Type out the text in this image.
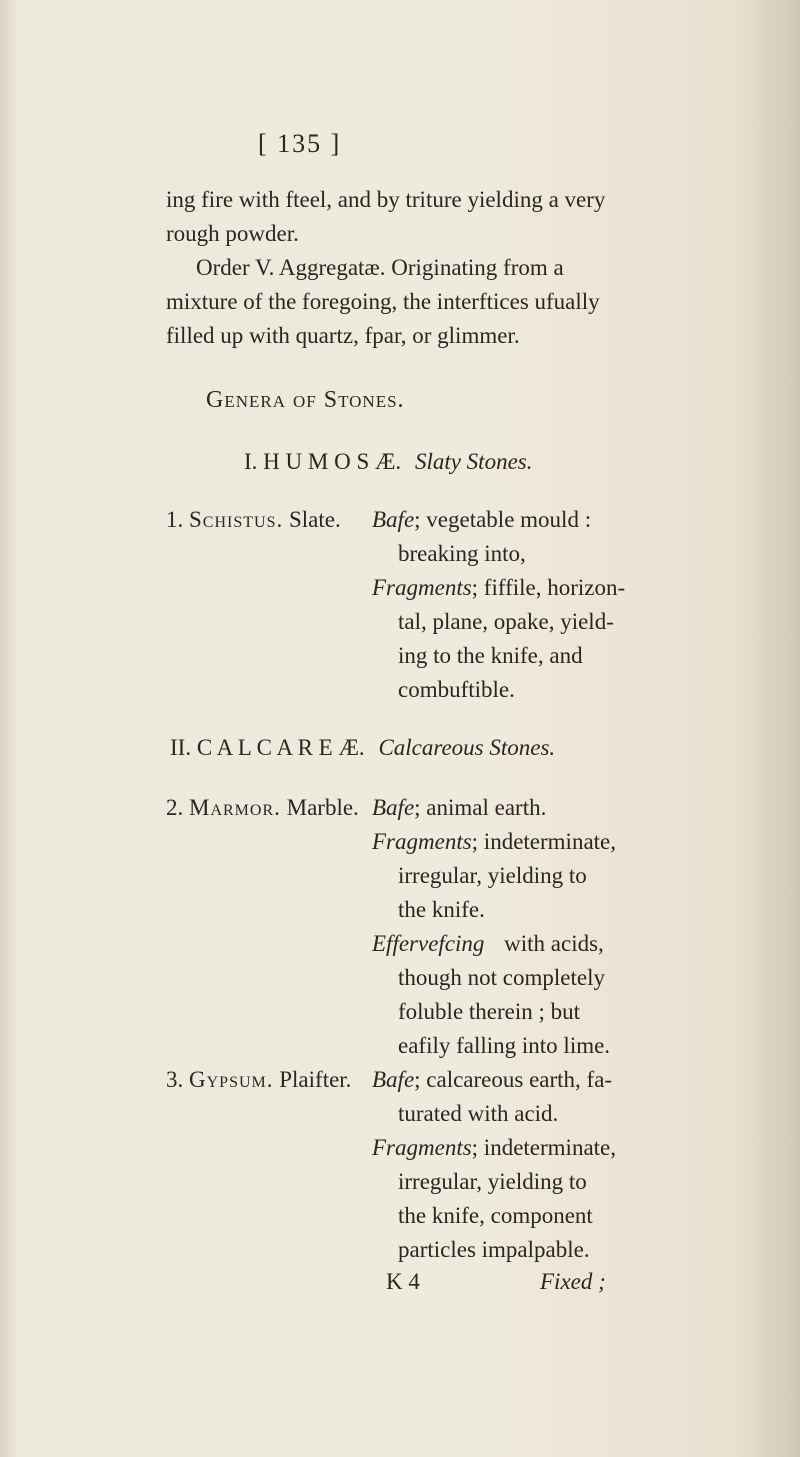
[ 135 ]
ing fire with fteel, and by triture yielding a very
rough powder.
Order V. Aggregatæ. Originating from a
mixture of the foregoing, the interftices ufually
filled up with quartz, fpar, or glimmer.
Genera of Stones.
I. H U M O S Æ. Slaty Stones.
1. Schistus. Slate. Bafe; vegetable mould :
breaking into,
Fragments; fiffile, horizon-
tal, plane, opake, yield-
ing to the knife, and
combuftible.
II. C A L C A R E Æ. Calcareous Stones.
2. Marmor. Marble. Bafe; animal earth.
Fragments; indeterminate,
irregular, yielding to
the knife.
Effervefcing with acids,
though not completely
foluble therein ; but
eafily falling into lime.
3. Gypsum. Plaifter. Bafe; calcareous earth, fa-
turated with acid.
Fragments; indeterminate,
irregular, yielding to
the knife, component
particles impalpable.
K 4	Fixed ;
